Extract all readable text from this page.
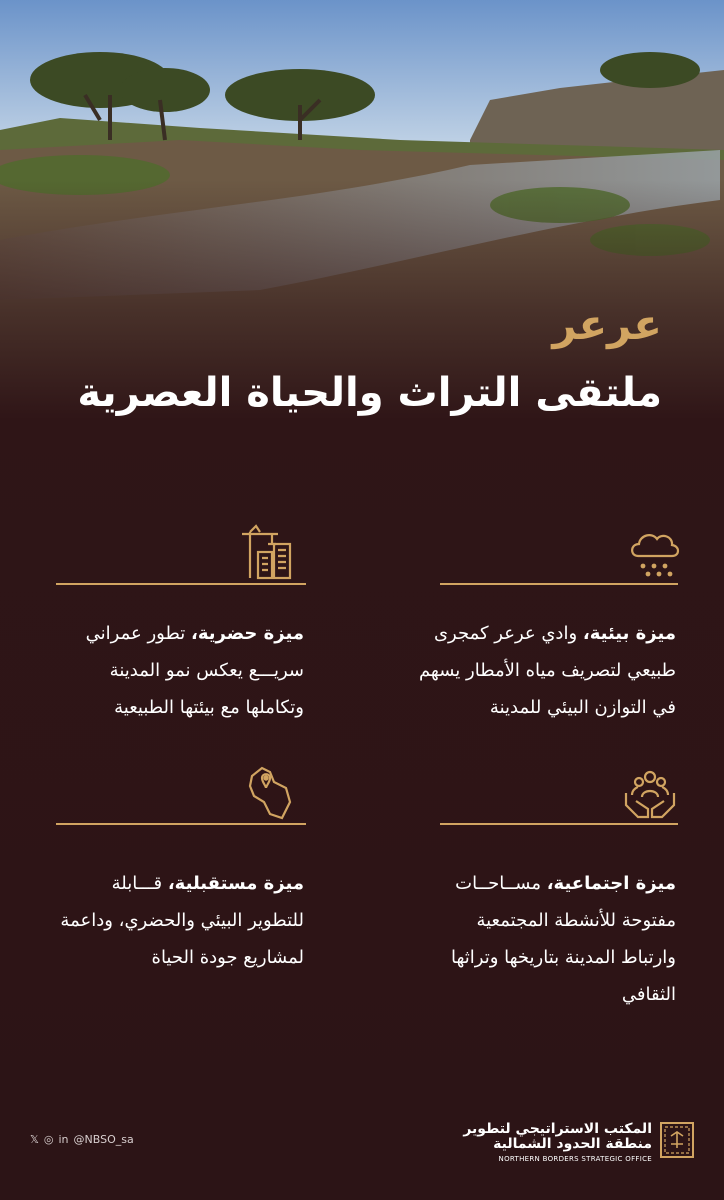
عرعر
ملتقى التراث والحياة العصرية
ميزة بيئية، وادي عرعر كمجرى طبيعي لتصريف مياه الأمطار يسهم في التوازن البيئي للمدينة
ميزة حضرية، تطور عمراني سريـــع يعكس نمو المدينة وتكاملها مع بيئتها الطبيعية
ميزة اجتماعية، مســاحــات مفتوحة للأنشطة المجتمعية وارتباط المدينة بتاريخها وتراثها الثقافي
ميزة مستقبلية، قـــابلة للتطوير البيئي والحضري، وداعمة لمشاريع جودة الحياة
𝕏 ◎ in @NBSO_sa
المكتب الاستراتيجي لتطوير
منطقة الحدود الشمالية
NORTHERN BORDERS STRATEGIC OFFICE
